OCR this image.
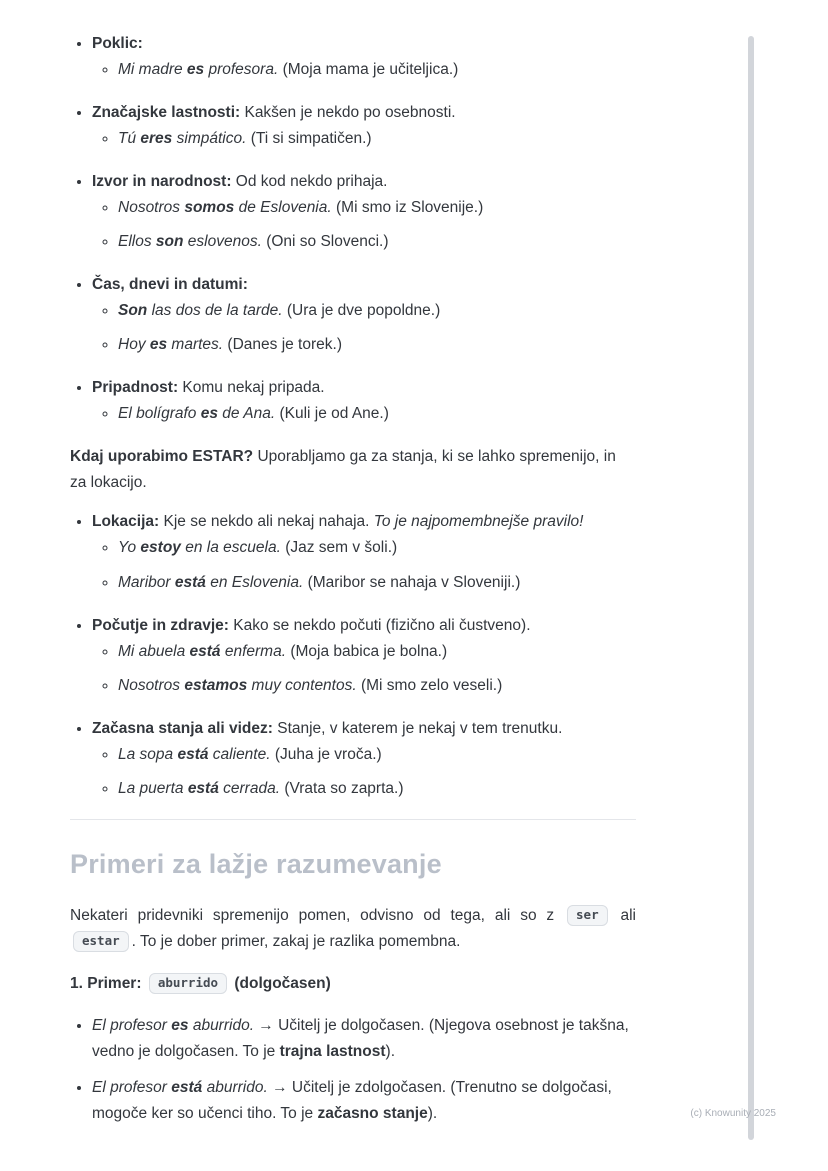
• Poklic:
◦ Mi madre es profesora. (Moja mama je učiteljica.)
• Značajske lastnosti: Kakšen je nekdo po osebnosti.
◦ Tú eres simpático. (Ti si simpatičen.)
• Izvor in narodnost: Od kod nekdo prihaja.
◦ Nosotros somos de Eslovenia. (Mi smo iz Slovenije.)
◦ Ellos son eslovenos. (Oni so Slovenci.)
• Čas, dnevi in datumi:
◦ Son las dos de la tarde. (Ura je dve popoldne.)
◦ Hoy es martes. (Danes je torek.)
• Pripadnost: Komu nekaj pripada.
◦ El bolígrafo es de Ana. (Kuli je od Ane.)

Kdaj uporabimo ESTAR? Uporabljamo ga za stanja, ki se lahko spremenijo, in za lokacijo.

• Lokacija: Kje se nekdo ali nekaj nahaja. To je najpomembnejše pravilo!
◦ Yo estoy en la escuela. (Jaz sem v šoli.)
◦ Maribor está en Eslovenia. (Maribor se nahaja v Sloveniji.)
• Počutje in zdravje: Kako se nekdo počuti (fizično ali čustveno).
◦ Mi abuela está enferma. (Moja babica je bolna.)
◦ Nosotros estamos muy contentos. (Mi smo zelo veseli.)
• Začasna stanja ali videz: Stanje, v katerem je nekaj v tem trenutku.
◦ La sopa está caliente. (Juha je vroča.)
◦ La puerta está cerrada. (Vrata so zaprta.)
Primeri za lažje razumevanje

Nekateri pridevniki spremenijo pomen, odvisno od tega, ali so z ser ali estar . To je dober primer, zakaj je razlika pomembna.

1. Primer: aburrido (dolgočasen)

• El profesor es aburrido. → Učitelj je dolgočasen. (Njegova osebnost je takšna, vedno je dolgočasen. To je trajna lastnost).
• El profesor está aburrido. → Učitelj je zdolgočasen. (Trenutno se dolgočasi, mogoče ker so učenci tiho. To je začasno stanje).	(c) Knowunity 2025
